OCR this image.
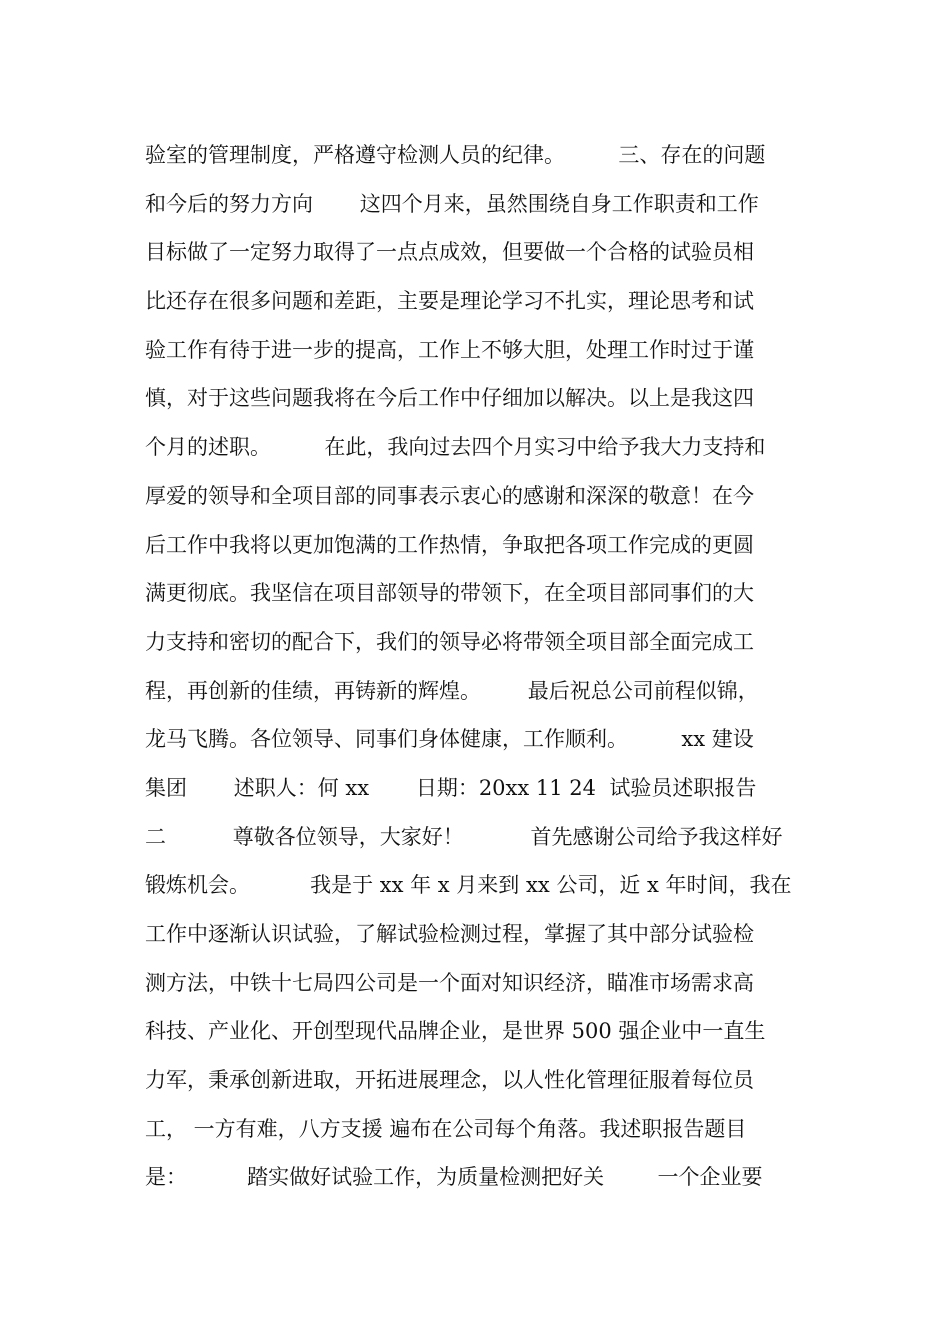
验室的管理制度，严格遵守检测人员的纪律。        三、存在的问题
和今后的努力方向       这四个月来，虽然围绕自身工作职责和工作
目标做了一定努力取得了一点点成效，但要做一个合格的试验员相
比还存在很多问题和差距，主要是理论学习不扎实，理论思考和试
验工作有待于进一步的提高，工作上不够大胆，处理工作时过于谨
慎，对于这些问题我将在今后工作中仔细加以解决。以上是我这四
个月的述职。        在此，我向过去四个月实习中给予我大力支持和
厚爱的领导和全项目部的同事表示衷心的感谢和深深的敬意！在今
后工作中我将以更加饱满的工作热情，争取把各项工作完成的更圆
满更彻底。我坚信在项目部领导的带领下，在全项目部同事们的大
力支持和密切的配合下，我们的领导必将带领全项目部全面完成工
程，再创新的佳绩，再铸新的辉煌。       最后祝总公司前程似锦，
龙马飞腾。各位领导、同事们身体健康，工作顺利。        xx 建设
集团       述职人：何 xx       日期：20xx 11 24  试验员述职报告
二          尊敬各位领导，大家好！          首先感谢公司给予我这样好
锻炼机会。         我是于 xx 年 x 月来到 xx 公司，近 x 年时间，我在
工作中逐渐认识试验，了解试验检测过程，掌握了其中部分试验检
测方法，中铁十七局四公司是一个面对知识经济，瞄准市场需求高
科技、产业化、开创型现代品牌企业，是世界 500 强企业中一直生
力军，秉承创新进取，开拓进展理念，以人性化管理征服着每位员
工， 一方有难，八方支援 遍布在公司每个角落。我述职报告题目
是：         踏实做好试验工作，为质量检测把好关        一个企业要
